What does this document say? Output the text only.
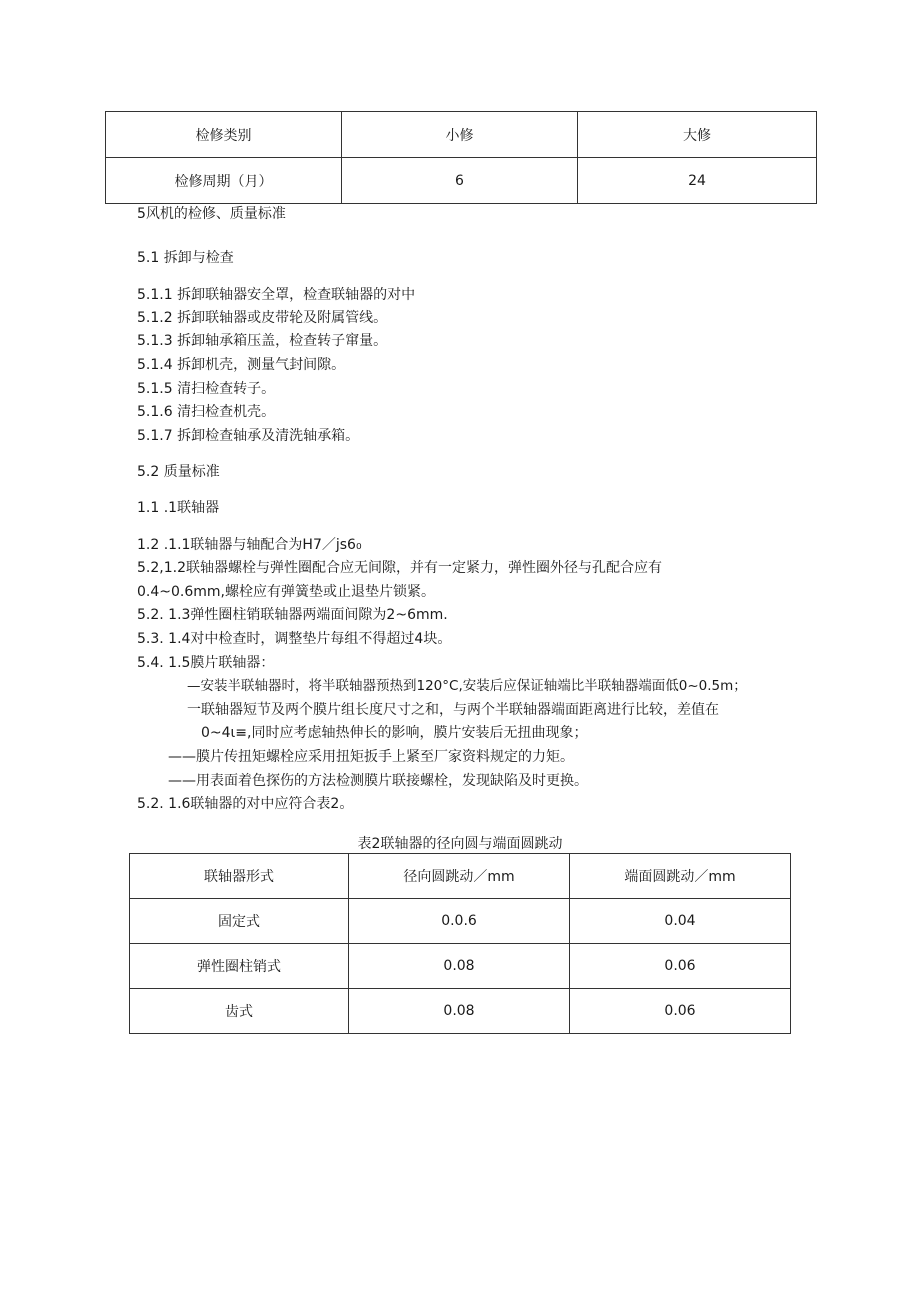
检修类别	小修	大修
检修周期（月）	6	24
5风机的检修、质量标准
5.1 拆卸与检查
5.1.1 拆卸联轴器安全罩，检查联轴器的对中
5.1.2 拆卸联轴器或皮带轮及附属管线。
5.1.3 拆卸轴承箱压盖，检查转子窜量。
5.1.4 拆卸机壳，测量气封间隙。
5.1.5 清扫检查转子。
5.1.6 清扫检查机壳。
5.1.7 拆卸检查轴承及清洗轴承箱。
5.2 质量标准
1.1 .1联轴器
1.2 .1.1联轴器与轴配合为H7／js6₀
5.2,1.2联轴器螺栓与弹性圈配合应无间隙，并有一定紧力，弹性圈外径与孔配合应有
0.4~0.6mm,螺栓应有弹簧垫或止退垫片锁紧。
5.2. 1.3弹性圈柱销联轴器两端面间隙为2~6mm.
5.3. 1.4对中检查时，调整垫片每组不得超过4块。
5.4. 1.5膜片联轴器：
—安装半联轴器时，将半联轴器预热到120°C,安装后应保证轴端比半联轴器端面低0~0.5m；
一联轴器短节及两个膜片组长度尺寸之和，与两个半联轴器端面距离进行比较，差值在
0~4ι≡,同时应考虑轴热伸长的影响，膜片安装后无扭曲现象；
——膜片传扭矩螺栓应采用扭矩扳手上紧至厂家资料规定的力矩。
——用表面着色探伤的方法检测膜片联接螺栓，发现缺陷及时更换。
5.2. 1.6联轴器的对中应符合表2。
表2联轴器的径向圆与端面圆跳动
联轴器形式	径向圆跳动／mm	端面圆跳动／mm
固定式	0.0.6	0.04
弹性圈柱销式	0.08	0.06
齿式	0.08	0.06
